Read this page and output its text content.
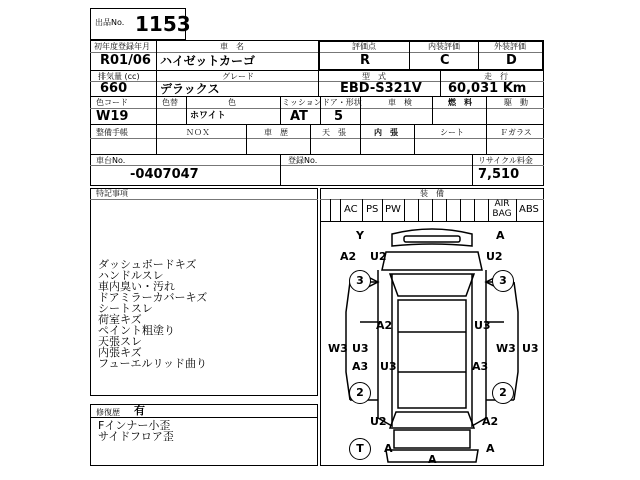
出品No. 1153
初年度登録年月
R01/06
車　名
ハイゼットカーゴ
評価点
R
内装評価
C
外装評価
D
排気量 (cc)
660
グレード
デラックス
型　式
EBD-S321V
走　行
60,031 Km
色コード
W19
色替	色
ホワイト
ミッション
AT
ドア・形状
5
車　検	燃　料	駆　動
整備手帳	ＮＯＸ	車　歴	天　張	内　張	シート	Ｆガラス
車台No.
-0407047
登録No.	リサイクル料金
7,510
特記事項
ダッシュボードキズ
ハンドルスレ
車内臭い・汚れ
ドアミラーカバーキズ
シートスレ
荷室キズ
ペイント粗塗り
天張スレ
内張キズ
フューエルリッド曲り
修復歴 有
Fインナー小歪
サイドフロア歪
装　備
AC PS PW	AIR BAG ABS
3	3
2	2
T
Y	A
A2 U2	U2
A2	U3
W3 U3	W3 U3
A3 U3	A3
U2	A2
A	A
A
